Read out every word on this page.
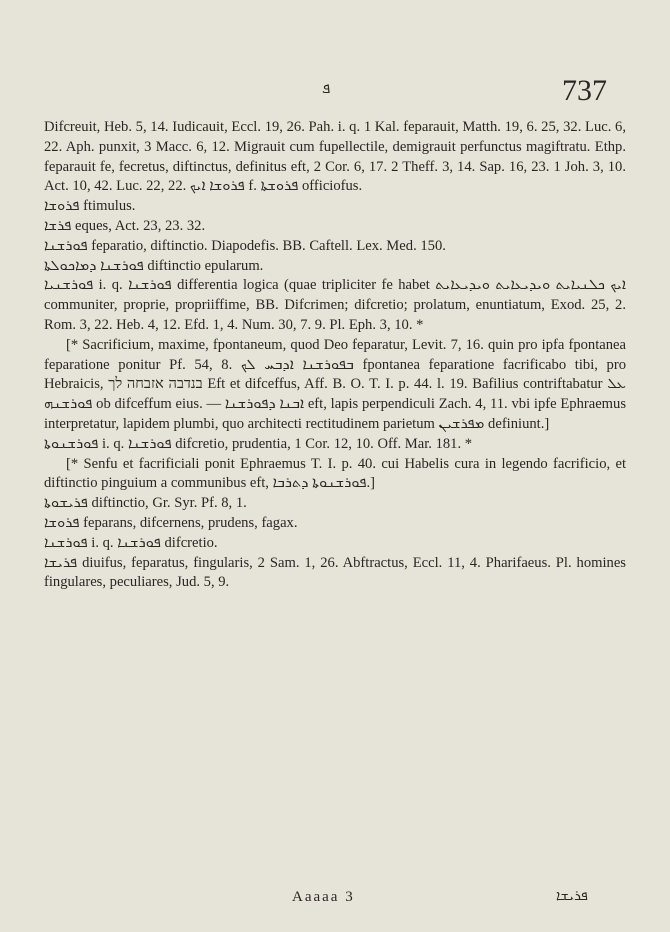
ܦ	737

Difcreuit, Heb. 5, 14. Iudicauit, Eccl. 19, 26. Pah. i. q. 1 Kal. feparauit, Matth. 19, 6. 25, 32. Luc. 6, 22. Aph. punxit, 3 Macc. 6, 12. Migrauit cum fupellectile, demigrauit perfunctus magiftratu. Ethp. feparauit fe, fecretus, diftinctus, definitus eft, 2 Cor. 6, 17. 2 Theff. 3, 14. Sap. 16, 23. 1 Joh. 3, 10. Act. 10, 42. Luc. 22, 22. ܦܪܘܫܐ ܐܝܟ f. ܦܪܘܫܬܐ officiofus.

ܦܪܘܫܐ ftimulus.

ܦܪܫܐ eques, Act. 23, 23. 32.

ܦܘܪܫܢܐ feparatio, diftinctio. Diapodefis. BB. Caftell. Lex. Med. 150.

ܦܘܪܫܢܐ ܕܡܐܟܘܠܬܐ diftinctio epularum.

ܦܘܪܫܢܝܐ i. q. ܦܘܪܫܢܐ differentia logica (quae tripliciter fe habet ܐܝܟ ܟܠܢܝܐܝܬ ܘܝܕܝܥܐܝܬ ܘܝܕܝܥܐܝܬ communiter, proprie, propriiffime, BB. Difcrimen; difcretio; prolatum, enuntiatum, Exod. 25, 2. Rom. 3, 22. Heb. 4, 12. Efd. 1, 4. Num. 30, 7. 9. Pl. Eph. 3, 10. *

[* Sacrificium, maxime, fpontaneum, quod Deo feparatur, Levit. 7, 16. quin pro ipfa fpontanea feparatione ponitur Pf. 54, 8. ܒܦܘܪܫܢܐ ܐܕܒܚ ܠܟ fpontanea feparatione facrificabo tibi, pro Hebraicis, בנדבה אזבחה לך Eft et difceffus, Aff. B. O. T. I. p. 44. l. 19. Bafilius contriftabatur ܥܠ ܦܘܪܫܢܗ ob difceffum eius. — ܐܒܢܐ ܕܦܘܪܫܢܐ eft, lapis perpendiculi Zach. 4, 11. vbi ipfe Ephraemus interpretatur, lapidem plumbi, quo architecti rectitudinem parietum ܡܦܪܫܝܢ definiunt.]

ܦܘܪܫܢܘܬܐ i. q. ܦܘܪܫܢܐ difcretio, prudentia, 1 Cor. 12, 10. Off. Mar. 181. *

[* Senfu et facrificiali ponit Ephraemus T. I. p. 40. cui Habelis cura in legendo facrificio, et diftinctio pinguium a communibus eft, ܦܘܪܫܢܘܬܐ ܕܬܪܒܐ.]

ܦܪܝܫܘܬܐ diftinctio, Gr. Syr. Pf. 8, 1.

ܦܪܘܫܐ feparans, difcernens, prudens, fagax.

ܦܘܪܫܢܐ i. q. ܦܘܪܫܢܐ difcretio.

ܦܪܝܫܐ diuifus, feparatus, fingularis, 2 Sam. 1, 26. Abftractus, Eccl. 11, 4. Pharifaeus. Pl. homines fingulares, peculiares, Jud. 5, 9.

Aaaaa 3	ܦܪܝܫܐ
